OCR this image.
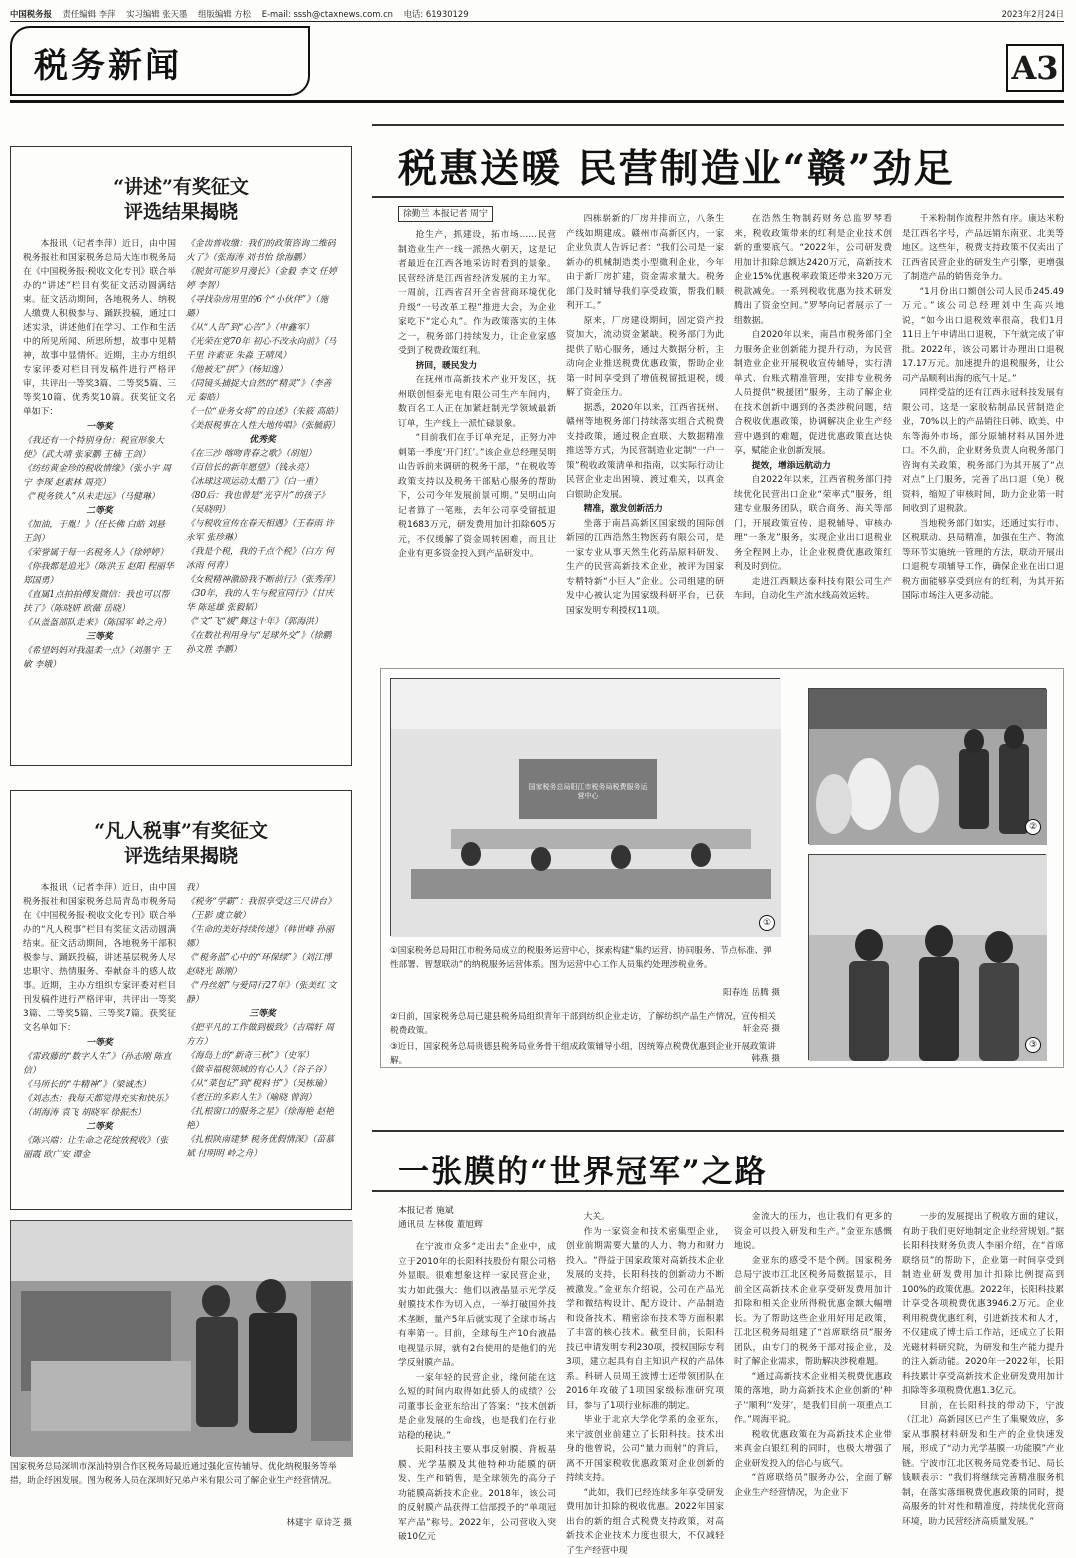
中国税务报 责任编辑 李萍 实习编辑 张天墨 组版编辑 方松 E-mail: sssh@ctaxnews.com.cn 电话: 61930129	2023年2月24日
税务新闻	A3
“讲述”有奖征文
评选结果揭晓

本报讯（记者李萍）近日，由中国税务报社和国家税务总局大连市税务局在《中国税务报·税收文化专刊》联合举办的“讲述”栏目有奖征文活动圆满结束。征文活动期间，各地税务人、纳税人缴费人积极参与、踊跃投稿，通过口述实录，讲述他们在学习、工作和生活中的所见所闻、所思所想，故事中见精神，故事中显情怀。近期，主办方组织专家评委对栏目刊发稿件进行严格评审，共评出一等奖3篇、二等奖5篇、三等奖10篇、优秀奖10篇。获奖征文名单如下：

一等奖
《我还有一个特别身份：税宣形象大使》（武大靖 张家鹏 王楠 王剑）
《纺纺黄金珍的税收情缘》（张小宇 周宁 李琛 赵素林 周亮）
《“税务铁人”从未走远》（马健琳）
二等奖
《加油，于胤！》（任长佛 白皓 刘悬 王剑）
《荣誉属于每一名税务人》（徐婷婷）
《你我都是追光》（陈洪玉 赵阳 程丽华 郑国勇）
《直属1点拍拍傅发微信：我也可以帮扶了》（陈晓妍 欧薇 岳晓）
《从盖盔部队走来》（陈国军 岭之舟）
三等奖
《希望妈妈对我温柔一点》（刘墨宇 王敏 李娥）
《金齿普收缴：我们的政策咨询二维码火了》（张海涛 刘书怡 徐海鹏）
《脱贫可能岁月漫长》（金毅 李文 任婷婷 李智）
《寻找杂房用里的6个“小伙伴”》（施璐）
《从“人告”到“心告”》（申鑫军）
《光荣在党70年 初心不改永向前》（马千里 许素亚 朱淼 王晴凤）
《他被无“拱”》（杨知逸）
《同镜头捕捉大自然的“精灵”》（李善元 秦皓）
《一位“业务女将”的自述》（朱筱 高皓）
《美报税事在人性大地传唱》（张毓蔚）
优秀奖
《在三沙 喀吻青春之歌》（胡旭）
《百信长的新年愿望》（钱永亮）
《冰球这项运动太酷了》（白一重）
《80后：我也曾是“光亨片”的孩子》（吴晓明）
《与税收宣传在春天相遇》（王春雨 许永军 张珍琳）
《我是个税，我的千点个税》（白方 何冰雨 何青）
《女税精神激励我不断前行》（张秀萍）
《30年，我的人生与税宣同行》（甘庆华 陈延雄 张毅韬）
《“文”飞“媛”舞这十年》（郭海洪）
《在数社利用身与“足球外交”》（徐鹏 孙文胜 李鹏）
“凡人税事”有奖征文
评选结果揭晓

本报讯（记者李萍）近日，由中国税务报社和国家税务总局青岛市税务局在《中国税务报·税收文化专刊》联合举办的“凡人税事”栏目有奖征文活动圆满结束。征文活动期间，各地税务干部积极参与、踊跃投稿，讲述基层税务人尽忠职守、热情服务、奉献奋斗的感人故事。近期，主办方组织专家评委对栏目刊发稿件进行严格评审，共评出一等奖3篇、二等奖5篇、三等奖7篇。获奖征文名单如下：

一等奖
《雷政藤的“数字人生”》（孙志刚 陈直信）
《马所长的“牛精神”》（梁诚杰）
《刘志杰：我每天都觉得充实和快乐》（胡海涛 袁飞 胡晓军 徐振杰）
二等奖
《陈兴端：让生命之花绽放税收》（张丽霞 欧广安 谭金
我）
《税务“学霸”：我很享受这三尺讲台》（王影 虞立敏）
《生命的美好持续传递》（韩世峰 孙丽娜）
《“税务蓝”心中的“环保绿”》（刘江博 赵晓光 陈刚）
《“丹丝姐”与爱同行27年》（张美红 文静）
三等奖
《把平凡的工作做到极致》（吉瑞轩 周方方）
《海岛上的“新奇三秋”》（史军）
《做幸福税领域的有心人》（谷子谷）
《从“菜包记”到“税料书”》（吴栋瑜）
《老汪的多彩人生》（喻晓 曾润）
《扎根窗口的服务之星》（徐海艳 赵艳艳）
《扎根陕南建梦 税务优假情深》（苗慕斌 付明明 岭之舟）
国家税务总局深圳市深汕特别合作区税务局最近通过强化宣传辅导、优化纳税服务等举措，助企纾困发展。图为税务人员在深圳好兄弟卢米有限公司了解企业生产经营情况。
林建宇 章诗芝 摄
税惠送暖 民营制造业“赣”劲足
徐勤兰 本报记者 周宁

抢生产，抓建设，拓市场……民营制造业生产一线一派热火朝天，这是记者最近在江西各地采访时看到的景象。民营经济是江西省经济发展的主力军。一周前，江西省召开全省营商环境优化升级“一号改革工程”推进大会，为企业家吃下“定心丸”。作为政策落实的主体之一，税务部门持续发力，让企业家感受到了税费政策红利。

挤回，暖民发力

在抚州市高新技术产业开发区，抚州联创恒泰光电有限公司生产车间内，数百名工人正在加紧赶制光学领域最新订单，生产线上一派忙碌景象。

“目前我们在手订单充足，正努力冲刺第一季度‘开门红’。”该企业总经理吴明山告诉前来调研的税务干部，“在税收等政策支持以及税务干部贴心服务的帮助下，公司今年发展前景可期。”吴明山向记者算了一笔账，去年公司享受留抵退税1683万元，研发费用加计扣除605万元，不仅缓解了资金周转困难，而且让企业有更多资金投入到产品研发中。

四栋崭新的厂房并排而立，八条生产线如期建成。赣州市高新区内，一家企业负责人告诉记者：“我们公司是一家新办的机械制造类小型微利企业，今年由于新厂房扩建，资金需求量大。税务部门及时辅导我们享受政策，帮我们顺利开工。”

原来，厂房建设期间，固定资产投资加大，流动资金紧缺。税务部门为此提供了贴心服务，通过大数据分析，主动向企业推送税费优惠政策，帮助企业第一时间享受到了增值税留抵退税，缓解了资金压力。

据悉，2020年以来，江西省抚州、赣州等地税务部门持续落实组合式税费支持政策，通过税企直联、大数据精准推送等方式，为民营制造业定制“一户一策”税收政策清单和指南，以实际行动让民营企业走出困境、渡过难关，以真金白银助企发展。

精准，激发创新活力

坐落于南昌高新区国家级的国际创新园的江西浩然生物医药有限公司，是一家专业从事天然生化药品原料研发、生产的民营高新技术企业，被评为国家专精特新“小巨人”企业。公司组建的研发中心被认定为国家级科研平台，已获国家发明专利授权11项。

在浩然生物制药财务总监罗琴看来，税收政策带来的红利是企业技术创新的重要底气。“2022年，公司研发费用加计扣除总额达2420万元，高新技术企业15%优惠税率政策还带来320万元税款减免。一系列税收优惠为技术研发腾出了资金空间。”罗琴向记者展示了一组数据。

自2020年以来，南昌市税务部门全力服务企业创新能力提升行动，为民营制造业企业开展税收宣传辅导，实行清单式、台账式精准管理，安排专业税务人员提供“税援团”服务，主动了解企业在技术创新中遇到的各类涉税问题，结合税收优惠政策，协调解决企业生产经营中遇到的难题，促进优惠政策直达快享，赋能企业创新发展。

提效，增添远航动力

自2022年以来，江西省税务部门持续优化民营出口企业“荣率式”服务，组建专业服务团队，联合商务、海关等部门，开展政策宣传、退税辅导、审核办理“一条龙”服务，实现企业出口退税业务全程网上办，让企业税费优惠政策红利及时到位。

走进江西顺达泰科技有限公司生产车间，自动化生产流水线高效运转。

千米粉制作流程井然有序。康达米粉是江西名字号，产品远销东南亚、北美等地区。这些年，税费支持政策不仅卖出了江西省民营企业的研发生产引擎，更增强了制造产品的销售竞争力。

“1月份出口额创公司人民币245.49万元。”该公司总经理刘中生高兴地说，“如今出口退税效率很高，我们1月11日上午申请出口退税，下午就完成了审批。2022年，该公司累计办理出口退税17.17万元。加速提升的退税服务，让公司产品顺利出海的底气十足。”

同样受益的还有江西永冠科技发展有限公司，这是一家胶粘制品民营制造企业，70%以上的产品销往日韩、欧美、中东等海外市场，部分原辅材料从国外进口。不久前，企业财务负责人向税务部门咨询有关政策，税务部门为其开展了“点对点”上门服务，完善了出口退（免）税资料，缩短了审核时间，助力企业第一时间收到了退税款。

当地税务部门如实，还通过实行市、区税联动、县局精准，加强在生产、物流等环节实施统一管理的方法，联动开展出口退税专项辅导工作，确保企业在出口退税方面能够享受到应有的红利，为其开拓国际市场注入更多动能。

国家税务总局阳江市税务局税费服务运营中心
①
②
③
①国家税务总局阳江市税务局成立的税服务运营中心，探索构建“集约运营、协同服务、节点标准、弹性部署、智慧联动”的纳税服务运营体系。图为运营中心工作人员集约处理涉税业务。
阳春连 岳腾 摄
②日前，国家税务总局已建县税务局组织青年干部到纺织企业走访，了解纺织产品生产情况，宣传相关税费政策。	轩金亮 摄
③近日，国家税务总局贵德县税务局业务骨干组成政策辅导小组，因统筹点税费优惠到企业开展政策讲解。	韩燕 摄
一张膜的“世界冠军”之路
本报记者 施斌
通讯员 左林俊 董旭辉

在宁波市众多“走出去”企业中，成立于2010年的长阳科技股份有限公司格外显眼。很难想象这样一家民营企业，实力如此强大：他们以液晶显示光学反射膜技术作为切入点，一举打破国外技术垄断，量产5年后就实现了全球市场占有率第一。目前，全球每生产10台液晶电视显示屏，就有2台使用的是他们的光学反射膜产品。

一家年轻的民营企业，缘何能在这么短的时间内取得如此骄人的成绩？公司董事长金亚东给出了答案：“技术创新是企业发展的生命线，也是我们在行业站稳的秘诀。”

长阳科技主要从事反射膜、背板基膜、光学基膜及其他特种功能膜的研发、生产和销售，是全球领先的高分子功能膜高新技术企业。2018年，该公司的反射膜产品获得工信部授予的“单项冠军产品”称号。2022年，公司营收入突破10亿元

大关。

作为一家资金和技术密集型企业，创业前期需要大量的人力、物力和财力投入。“得益于国家政策对高新技术企业发展的支持，长阳科技的创新动力不断被激发。”金亚东介绍说，公司在产品光学和微结构设计、配方设计、产品制造和设备技术、精密涂布技术等方面积累了丰富的核心技术。截至目前，长阳科技已申请发明专利230项，授权国际专利3项，建立起具有自主知识产权的产品体系。科研人员周王波博士还带领团队在2016年攻破了1项国家级标准研究项目，参与了1项行业标准的制定。

毕业于北京大学化学系的金亚东，来宁波创业前建立了长阳科技。技术出身的他曾说，公司“量力而射”的背后，离不开国家税收优惠政策对企业创新的持续支持。

“此如，我们已经连续多年享受研发费用加计扣除的税收优惠。2022年国家出台的新的组合式税费支持政策，对高新技术企业技术力度也很大，不仅减轻了生产经营中现

金流大的压力，也让我们有更多的资金可以投入研发和生产。”金亚东感慨地说。

金亚东的感受不是个例。国家税务总局宁波市江北区税务局数据显示，目前全区高新技术企业享受研发费用加计扣除和相关企业所得税优惠金额大幅增长。为了帮助这些企业用好用足政策，江北区税务局组建了“首席联络员”服务团队，由专门的税务干部对接企业，及时了解企业需求，帮助解决涉税难题。

“通过高新技术企业相关税费优惠政策的落地，助力高新技术企业创新的‘种子’‘顺利’‘发芽’，是我们目前一项重点工作。”周海平说。

税收优惠政策在为高新技术企业带来真金白银红利的同时，也极大增强了企业研发投入的信心与底气。

“首席联络员”服务办公，全面了解企业生产经营情况，为企业下

一步的发展提出了税收方面的建议，有助于我们更好地制定企业经营规划。”据长阳科技财务负责人李丽介绍，在“首席联络员”的帮助下，企业第一时间享受到制造业研发费用加计扣除比例提高到100%的政策优惠。2022年，长阳科技累计享受各项税费优惠3946.2万元。企业利用税费优惠红利，引进新技术和人才，不仅建成了博士后工作站，还成立了长阳光磁材料研究院，为研发和生产能力提升的注入新动能。2020年一2022年，长阳科技累计享受高新技术企业研发费用加计扣除等多项税费优惠1.3亿元。

目前，在长阳科技的带动下，宁波（江北）高新园区已产生了集聚效应，多家从事膜材料研发和生产的企业快速发展，形成了“动力光学基膜一功能膜”产业链。宁波市江北区税务局党委书记、局长钱顺表示：“我们将继续完善精准服务机制，在落实落细税费优惠政策的同时，提高服务的针对性和精准度，持续优化营商环境，助力民营经济高质量发展。”
